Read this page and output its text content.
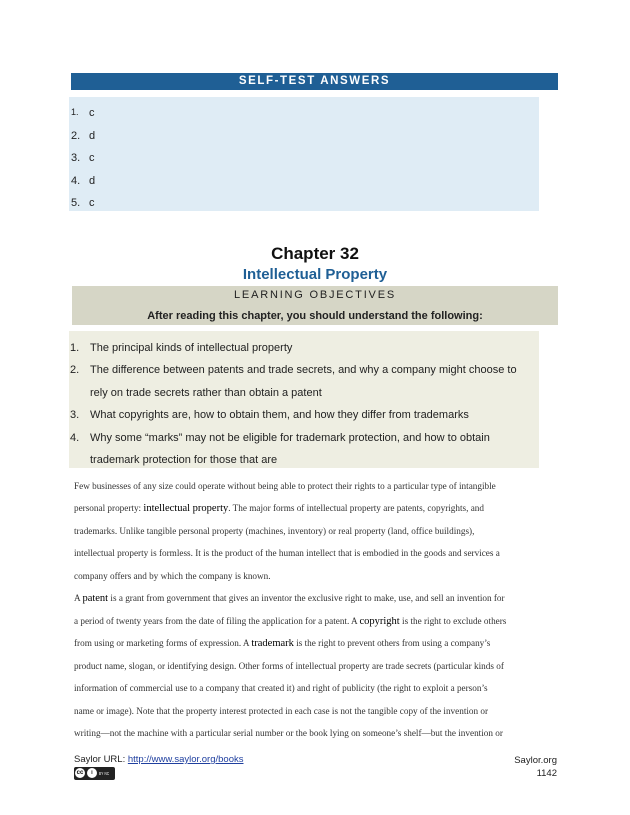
SELF-TEST ANSWERS
1. c
2. d
3. c
4. d
5. c
Chapter 32
Intellectual Property
LEARNING OBJECTIVES
After reading this chapter, you should understand the following:
1. The principal kinds of intellectual property
2. The difference between patents and trade secrets, and why a company might choose to
rely on trade secrets rather than obtain a patent
3. What copyrights are, how to obtain them, and how they differ from trademarks
4. Why some “marks” may not be eligible for trademark protection, and how to obtain
trademark protection for those that are
Few businesses of any size could operate without being able to protect their rights to a particular type of intangible
personal property: intellectual property. The major forms of intellectual property are patents, copyrights, and
trademarks. Unlike tangible personal property (machines, inventory) or real property (land, office buildings),
intellectual property is formless. It is the product of the human intellect that is embodied in the goods and services a
company offers and by which the company is known.
A patent is a grant from government that gives an inventor the exclusive right to make, use, and sell an invention for
a period of twenty years from the date of filing the application for a patent. A copyright is the right to exclude others
from using or marketing forms of expression. A trademark is the right to prevent others from using a company’s
product name, slogan, or identifying design. Other forms of intellectual property are trade secrets (particular kinds of
information of commercial use to a company that created it) and right of publicity (the right to exploit a person’s
name or image). Note that the property interest protected in each case is not the tangible copy of the invention or
writing—not the machine with a particular serial number or the book lying on someone’s shelf—but the invention or
Saylor URL: http://www.saylor.org/books	Saylor.org
1142
cc	i	BY NC SA
